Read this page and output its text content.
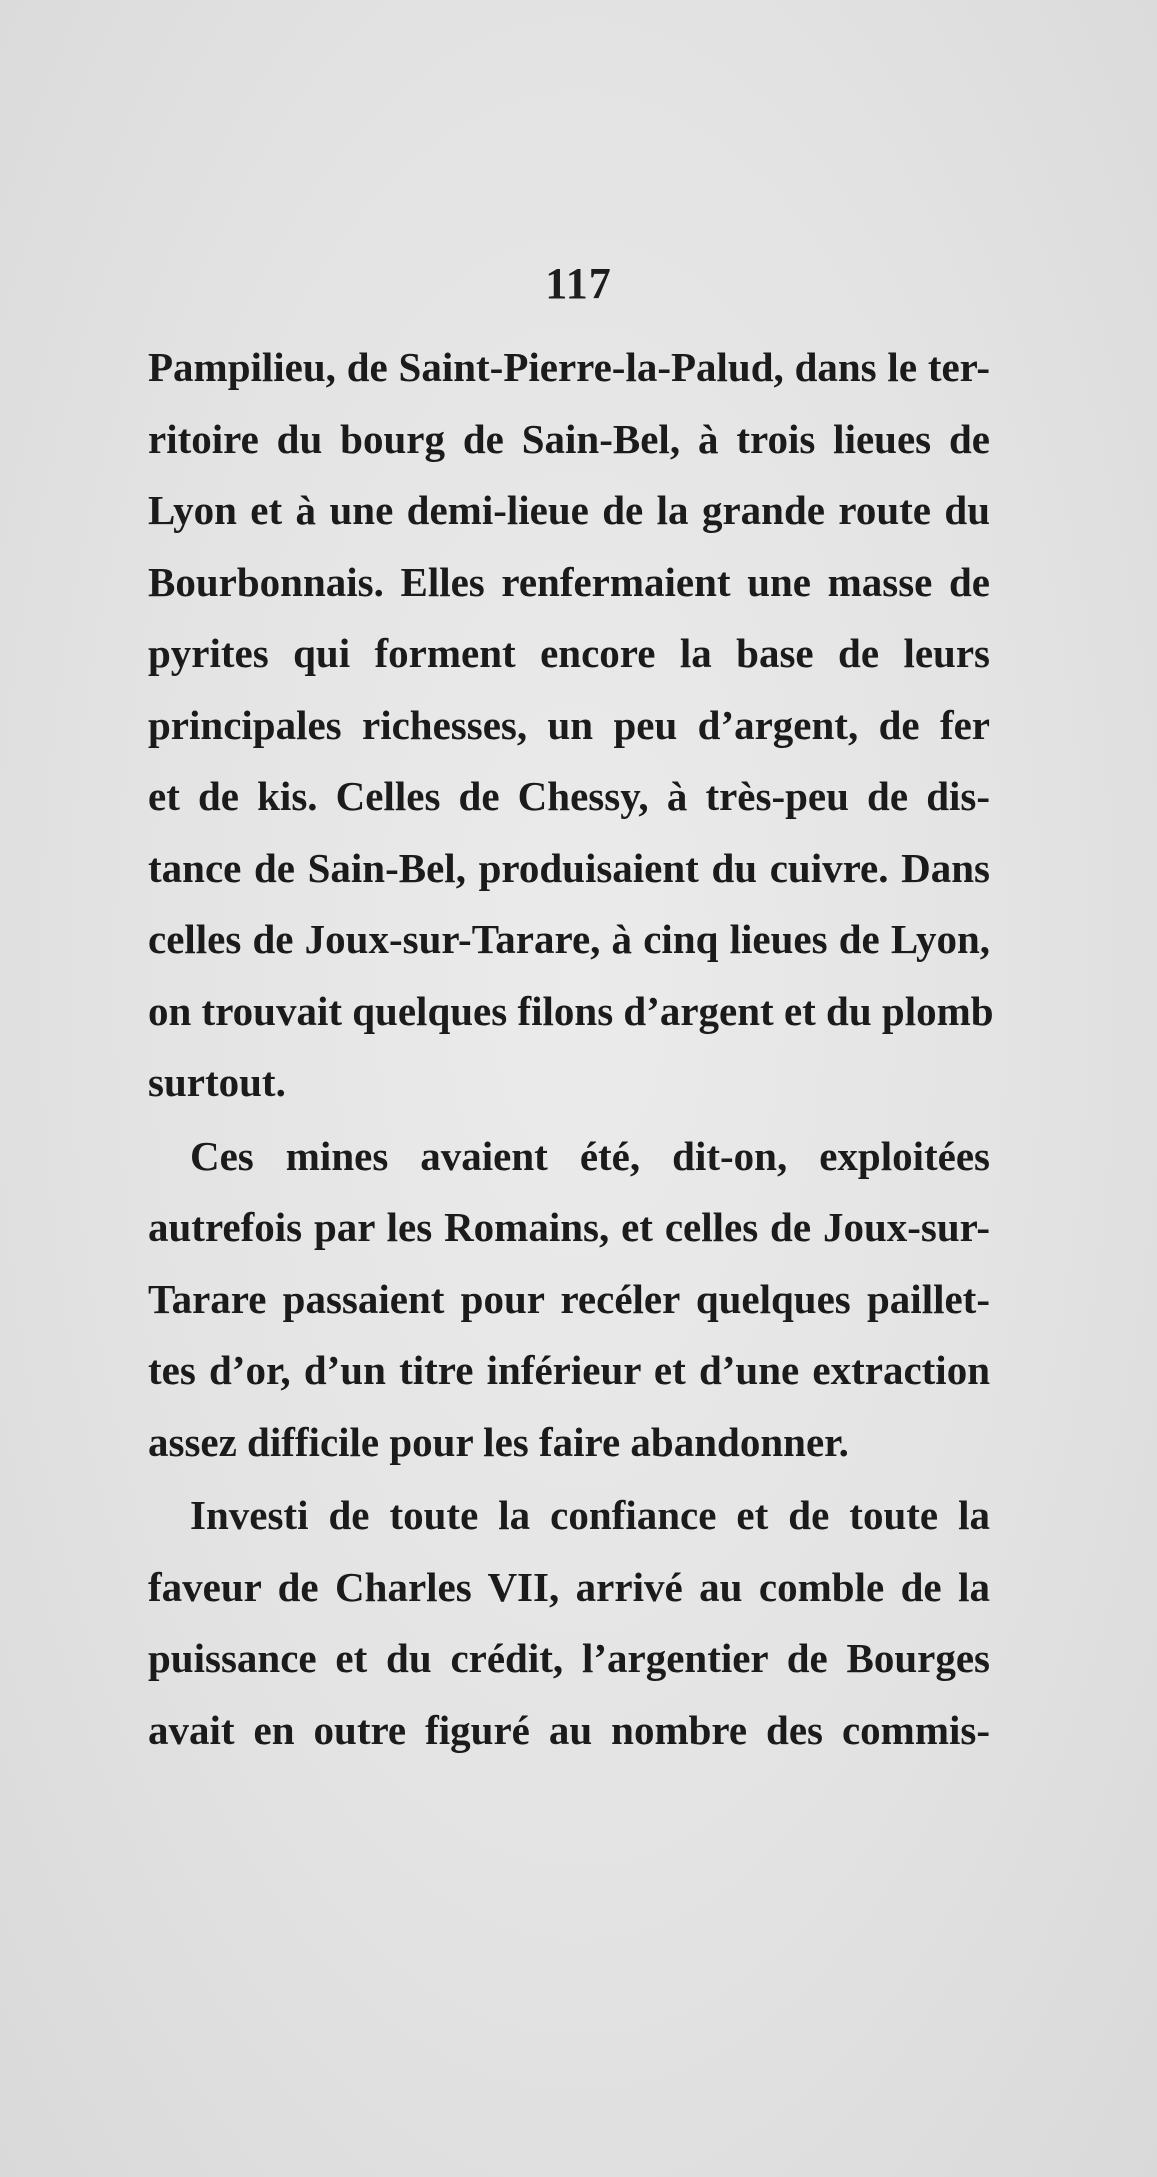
117
Pampilieu, de Saint-Pierre-la-Palud, dans le ter-
ritoire du bourg de Sain-Bel, à trois lieues de
Lyon et à une demi-lieue de la grande route du
Bourbonnais. Elles renfermaient une masse de
pyrites qui forment encore la base de leurs
principales richesses, un peu d’argent, de fer
et de kis. Celles de Chessy, à très-peu de dis-
tance de Sain-Bel, produisaient du cuivre. Dans
celles de Joux-sur-Tarare, à cinq lieues de Lyon,
on trouvait quelques filons d’argent et du plomb
surtout.
Ces mines avaient été, dit-on, exploitées
autrefois par les Romains, et celles de Joux-sur-
Tarare passaient pour recéler quelques paillet-
tes d’or, d’un titre inférieur et d’une extraction
assez difficile pour les faire abandonner.
Investi de toute la confiance et de toute la
faveur de Charles VII, arrivé au comble de la
puissance et du crédit, l’argentier de Bourges
avait en outre figuré au nombre des commis-
